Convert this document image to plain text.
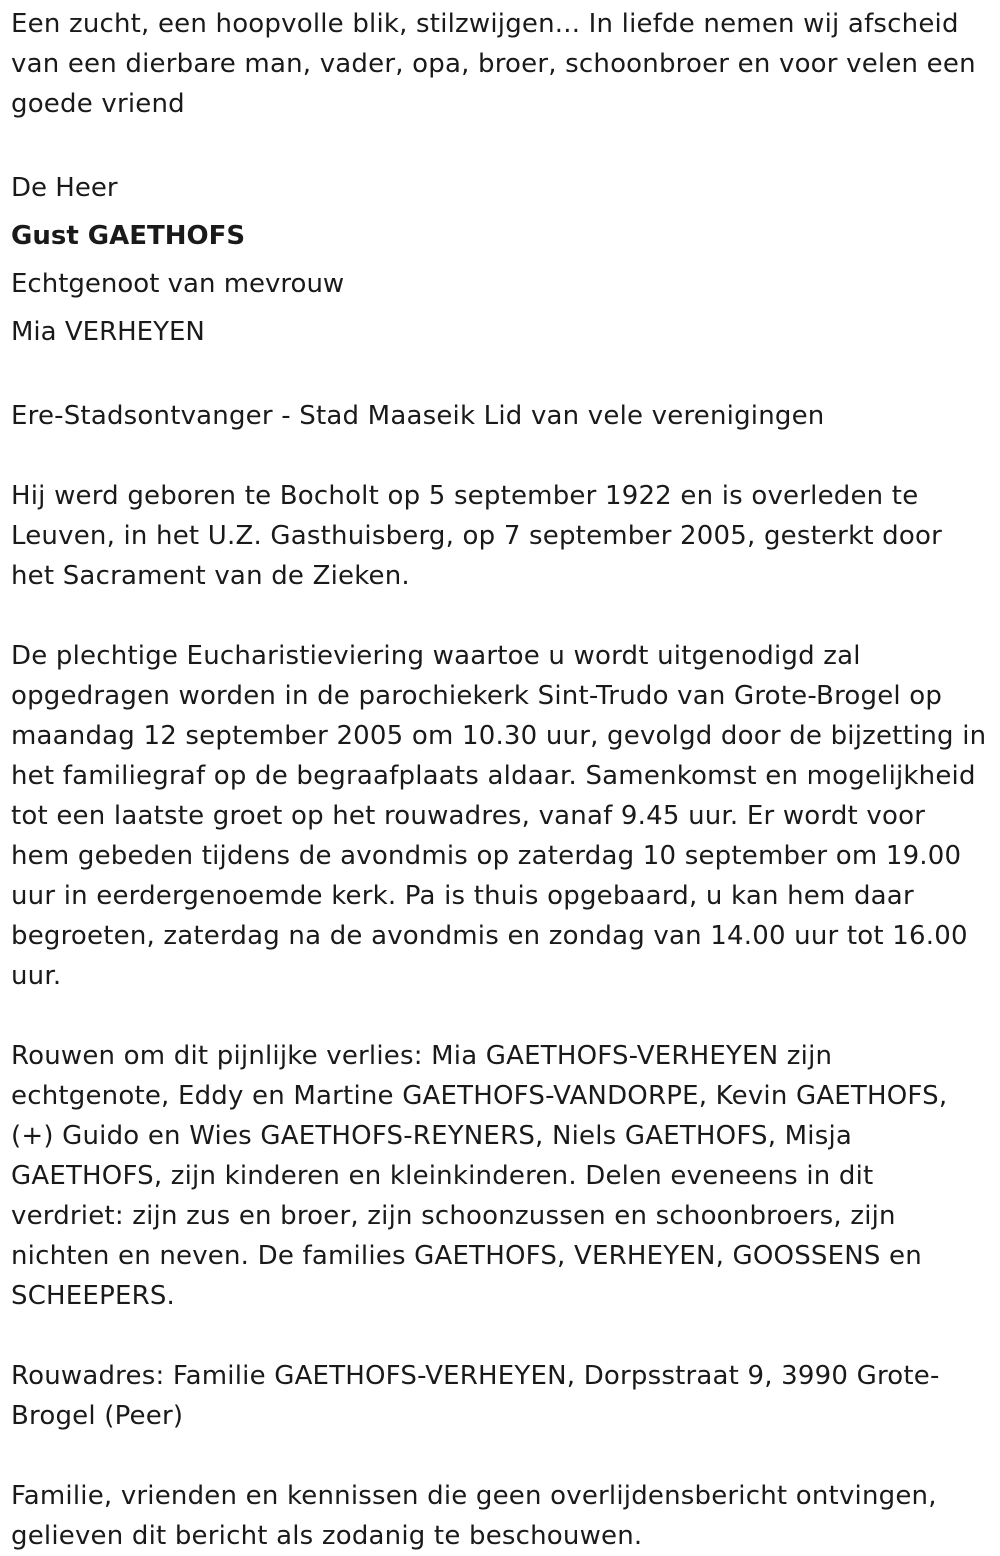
Een zucht, een hoopvolle blik, stilzwijgen... In liefde nemen wij afscheid van een dierbare man, vader, opa, broer, schoonbroer en voor velen een goede vriend

De Heer

Gust GAETHOFS

Echtgenoot van mevrouw

Mia VERHEYEN

Ere-Stadsontvanger - Stad Maaseik Lid van vele verenigingen

Hij werd geboren te Bocholt op 5 september 1922 en is overleden te Leuven, in het U.Z. Gasthuisberg, op 7 september 2005, gesterkt door het Sacrament van de Zieken.

De plechtige Eucharistieviering waartoe u wordt uitgenodigd zal opgedragen worden in de parochiekerk Sint-Trudo van Grote-Brogel op maandag 12 september 2005 om 10.30 uur, gevolgd door de bijzetting in het familiegraf op de begraafplaats aldaar. Samenkomst en mogelijkheid tot een laatste groet op het rouwadres, vanaf 9.45 uur. Er wordt voor hem gebeden tijdens de avondmis op zaterdag 10 september om 19.00 uur in eerdergenoemde kerk. Pa is thuis opgebaard, u kan hem daar begroeten, zaterdag na de avondmis en zondag van 14.00 uur tot 16.00 uur.

Rouwen om dit pijnlijke verlies: Mia GAETHOFS-VERHEYEN zijn echtgenote, Eddy en Martine GAETHOFS-VANDORPE, Kevin GAETHOFS, (+) Guido en Wies GAETHOFS-REYNERS, Niels GAETHOFS, Misja GAETHOFS, zijn kinderen en kleinkinderen. Delen eveneens in dit verdriet: zijn zus en broer, zijn schoonzussen en schoonbroers, zijn nichten en neven. De families GAETHOFS, VERHEYEN, GOOSSENS en SCHEEPERS.

Rouwadres: Familie GAETHOFS-VERHEYEN, Dorpsstraat 9, 3990 Grote-Brogel (Peer)

Familie, vrienden en kennissen die geen overlijdensbericht ontvingen, gelieven dit bericht als zodanig te beschouwen.
